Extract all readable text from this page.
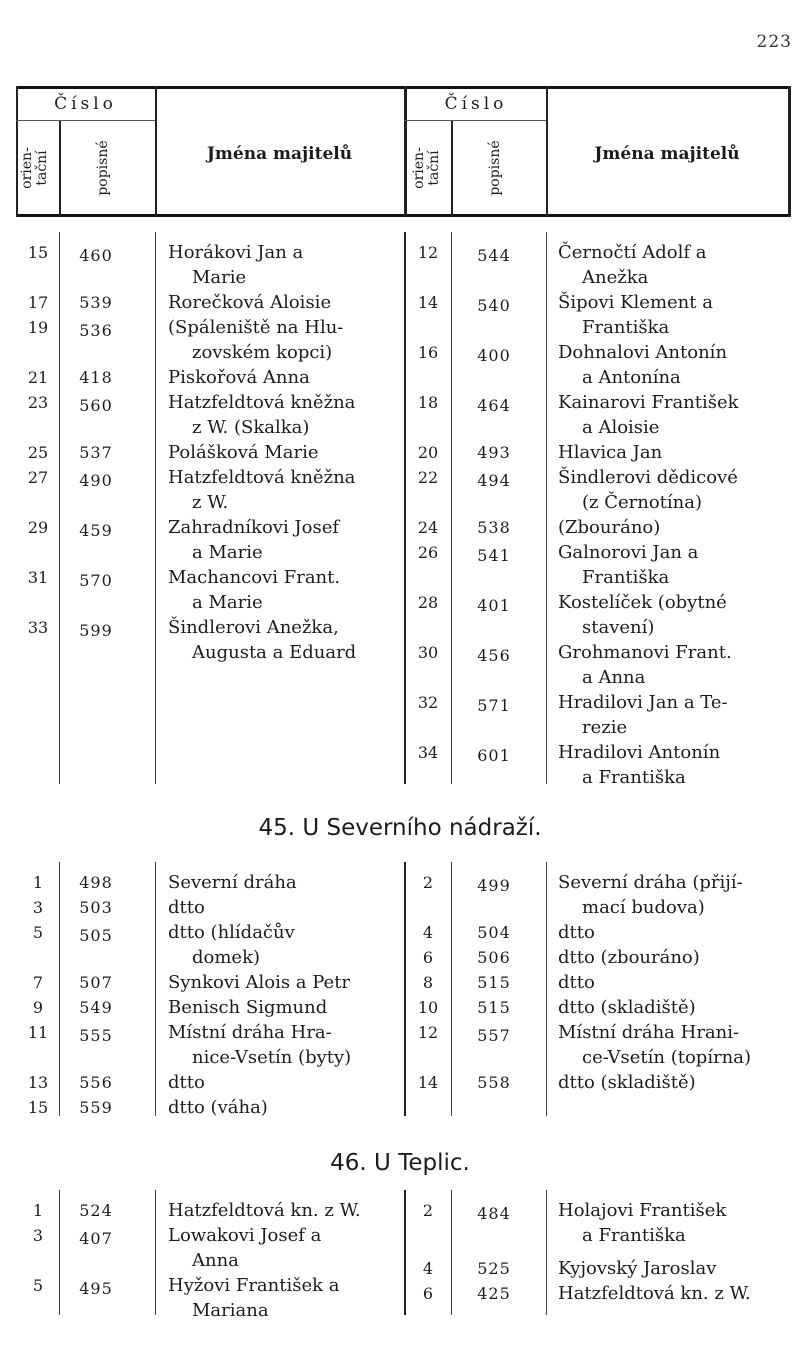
223
Číslo	Číslo
orien-
tační	popisné	orien-
tační	popisné
Jména majitelů	Jména majitelů
15	460	Horákovi Jan a
Marie
17	539	Rorečková Aloisie
19	536	(Spáleniště na Hlu-
zovském kopci)
21	418	Piskořová Anna
23	560	Hatzfeldtová kněžna
z W. (Skalka)
25	537	Polášková Marie
27	490	Hatzfeldtová kněžna
z W.
29	459	Zahradníkovi Josef
a Marie
31	570	Machancovi Frant.
a Marie
33	599	Šindlerovi Anežka,
Augusta a Eduard
12	544	Černočtí Adolf a
Anežka
14	540	Šipovi Klement a
Františka
16	400	Dohnalovi Antonín
a Antonína
18	464	Kainarovi František
a Aloisie
20	493	Hlavica Jan
22	494	Šindlerovi dědicové
(z Černotína)
24	538	(Zbouráno)
26	541	Galnorovi Jan a
Františka
28	401	Kostelíček (obytné
stavení)
30	456	Grohmanovi Frant.
a Anna
32	571	Hradilovi Jan a Te-
rezie
34	601	Hradilovi Antonín
a Františka
45. U Severního nádraží.
1	498	Severní dráha
3	503	dtto
5	505	dtto (hlídačův
domek)
7	507	Synkovi Alois a Petr
9	549	Benisch Sigmund
11	555	Místní dráha Hra-
nice-Vsetín (byty)
13	556	dtto
15	559	dtto (váha)
2	499	Severní dráha (přijí-
mací budova)
4	504	dtto
6	506	dtto (zbouráno)
8	515	dtto
10	515	dtto (skladiště)
12	557	Místní dráha Hrani-
ce-Vsetín (topírna)
14	558	dtto (skladiště)
46. U Teplic.
1	524	Hatzfeldtová kn. z W.
3	407	Lowakovi Josef a
Anna
5	495	Hyžovi František a
Mariana
2	484	Holajovi František
a Františka
4	525	Kyjovský Jaroslav
6	425	Hatzfeldtová kn. z W.
